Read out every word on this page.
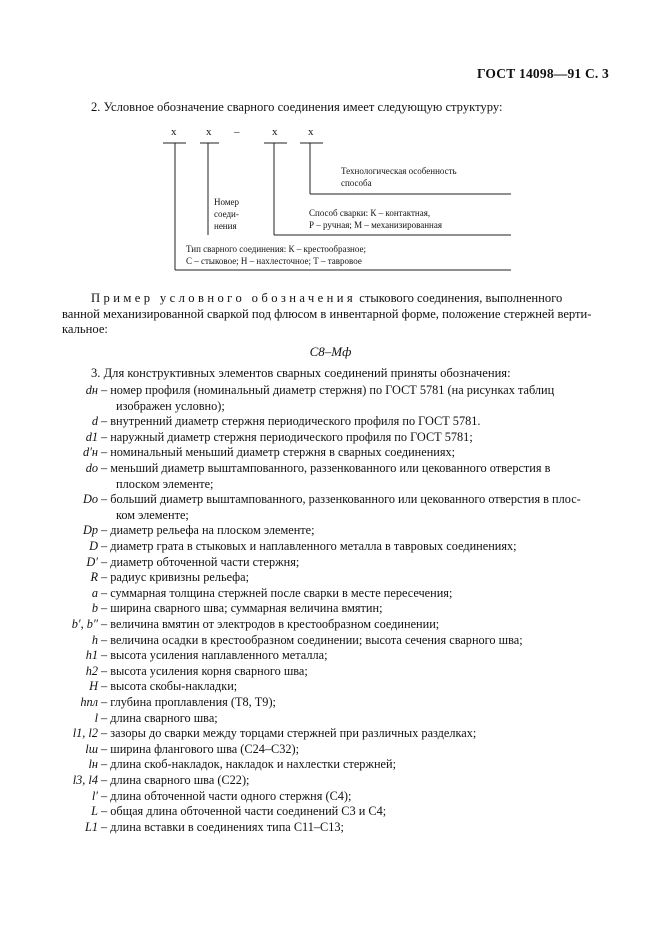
ГОСТ 14098—91 С. 3
2. Условное обозначение сварного соединения имеет следующую структуру:
x	x –	x	x
Технологическая особенность
способа
Номер
соеди-
нения
Способ сварки: К – контактная,
Р – ручная; М – механизированная
Тип сварного соединения: К – крестообразное;
С – стыковое; Н – нахлесточное; Т – тавровое
Пример условного обозначения стыкового соединения, выполненного
ванной механизированной сваркой под флюсом в инвентарной форме, положение стержней верти-
кальное:
С8–Мф
3. Для конструктивных элементов сварных соединений приняты обозначения:
dн – номер профиля (номинальный диаметр стержня) по ГОСТ 5781 (на рисунках таблиц
изображен условно);
d – внутренний диаметр стержня периодического профиля по ГОСТ 5781.
d1 – наружный диаметр стержня периодического профиля по ГОСТ 5781;
d′н – номинальный меньший диаметр стержня в сварных соединениях;
dо – меньший диаметр выштампованного, раззенкованного или цекованного отверстия в
плоском элементе;
Dо – больший диаметр выштампованного, раззенкованного или цекованного отверстия в плос-
ком элементе;
Dр – диаметр рельефа на плоском элементе;
D – диаметр грата в стыковых и наплавленного металла в тавровых соединениях;
D′ – диаметр обточенной части стержня;
R – радиус кривизны рельефа;
a – суммарная толщина стержней после сварки в месте пересечения;
b – ширина сварного шва; суммарная величина вмятин;
b′, b″ – величина вмятин от электродов в крестообразном соединении;
h – величина осадки в крестообразном соединении; высота сечения сварного шва;
h1 – высота усиления наплавленного металла;
h2 – высота усиления корня сварного шва;
H – высота скобы-накладки;
hпл – глубина проплавления (Т8, Т9);
l – длина сварного шва;
l1, l2 – зазоры до сварки между торцами стержней при различных разделках;
lш – ширина флангового шва (С24–С32);
lн – длина скоб-накладок, накладок и нахлестки стержней;
l3, l4 – длина сварного шва (С22);
l′ – длина обточенной части одного стержня (С4);
L – общая длина обточенной части соединений С3 и С4;
L1 – длина вставки в соединениях типа С11–С13;
